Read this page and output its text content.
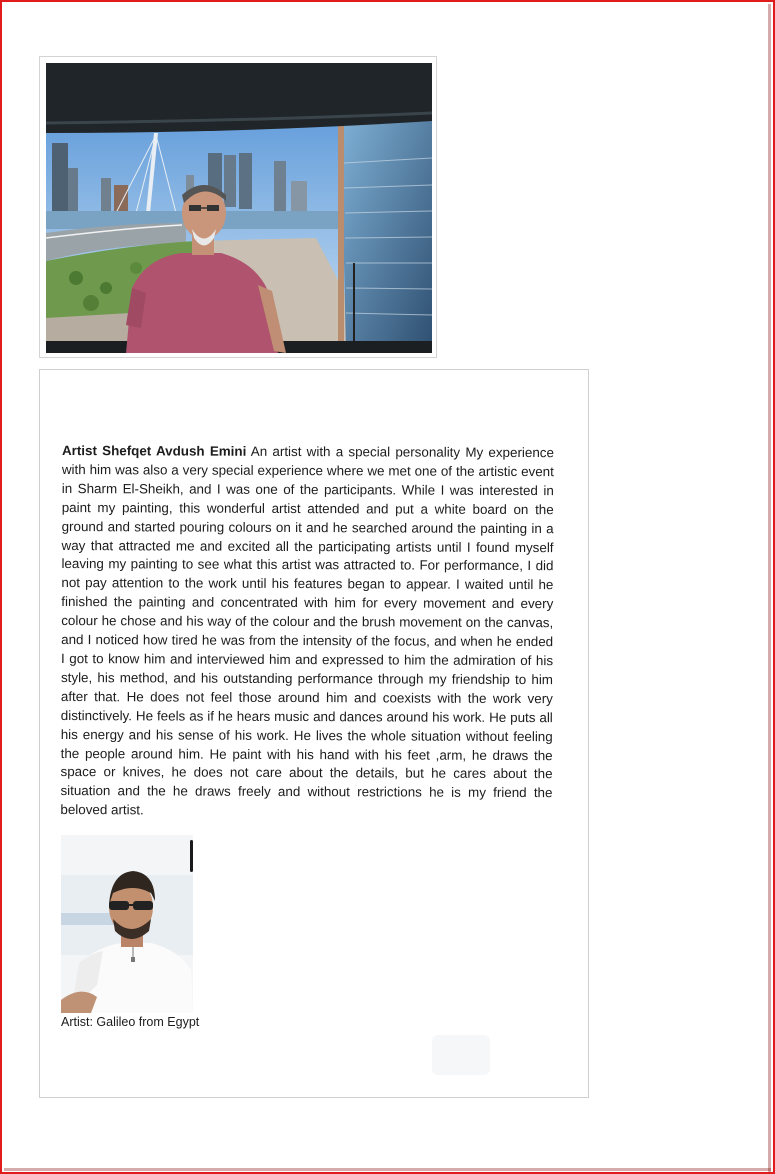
Artist Shefqet Avdush Emini An artist with a special personality My experience with him was also a very special experience where we met one of the artistic event in Sharm El-Sheikh, and I was one of the participants. While I was interested in paint my painting, this wonderful artist attended and put a white board on the ground and started pouring colours on it and he searched around the painting in a way that attracted me and excited all the participating artists until I found myself leaving my painting to see what this artist was attracted to. For performance, I did not pay attention to the work until his features began to appear. I waited until he finished the painting and concentrated with him for every movement and every colour he chose and his way of the colour and the brush movement on the canvas, and I noticed how tired he was from the intensity of the focus, and when he ended I got to know him and interviewed him and expressed to him the admiration of his style, his method, and his outstanding performance through my friendship to him after that. He does not feel those around him and coexists with the work very distinctively. He feels as if he hears music and dances around his work. He puts all his energy and his sense of his work. He lives the whole situation without feeling the people around him. He paint with his hand with his feet ,arm, he draws the space or knives, he does not care about the details, but he cares about the situation and the he draws freely and without restrictions he is my friend the beloved artist.

Artist: Galileo from Egypt
